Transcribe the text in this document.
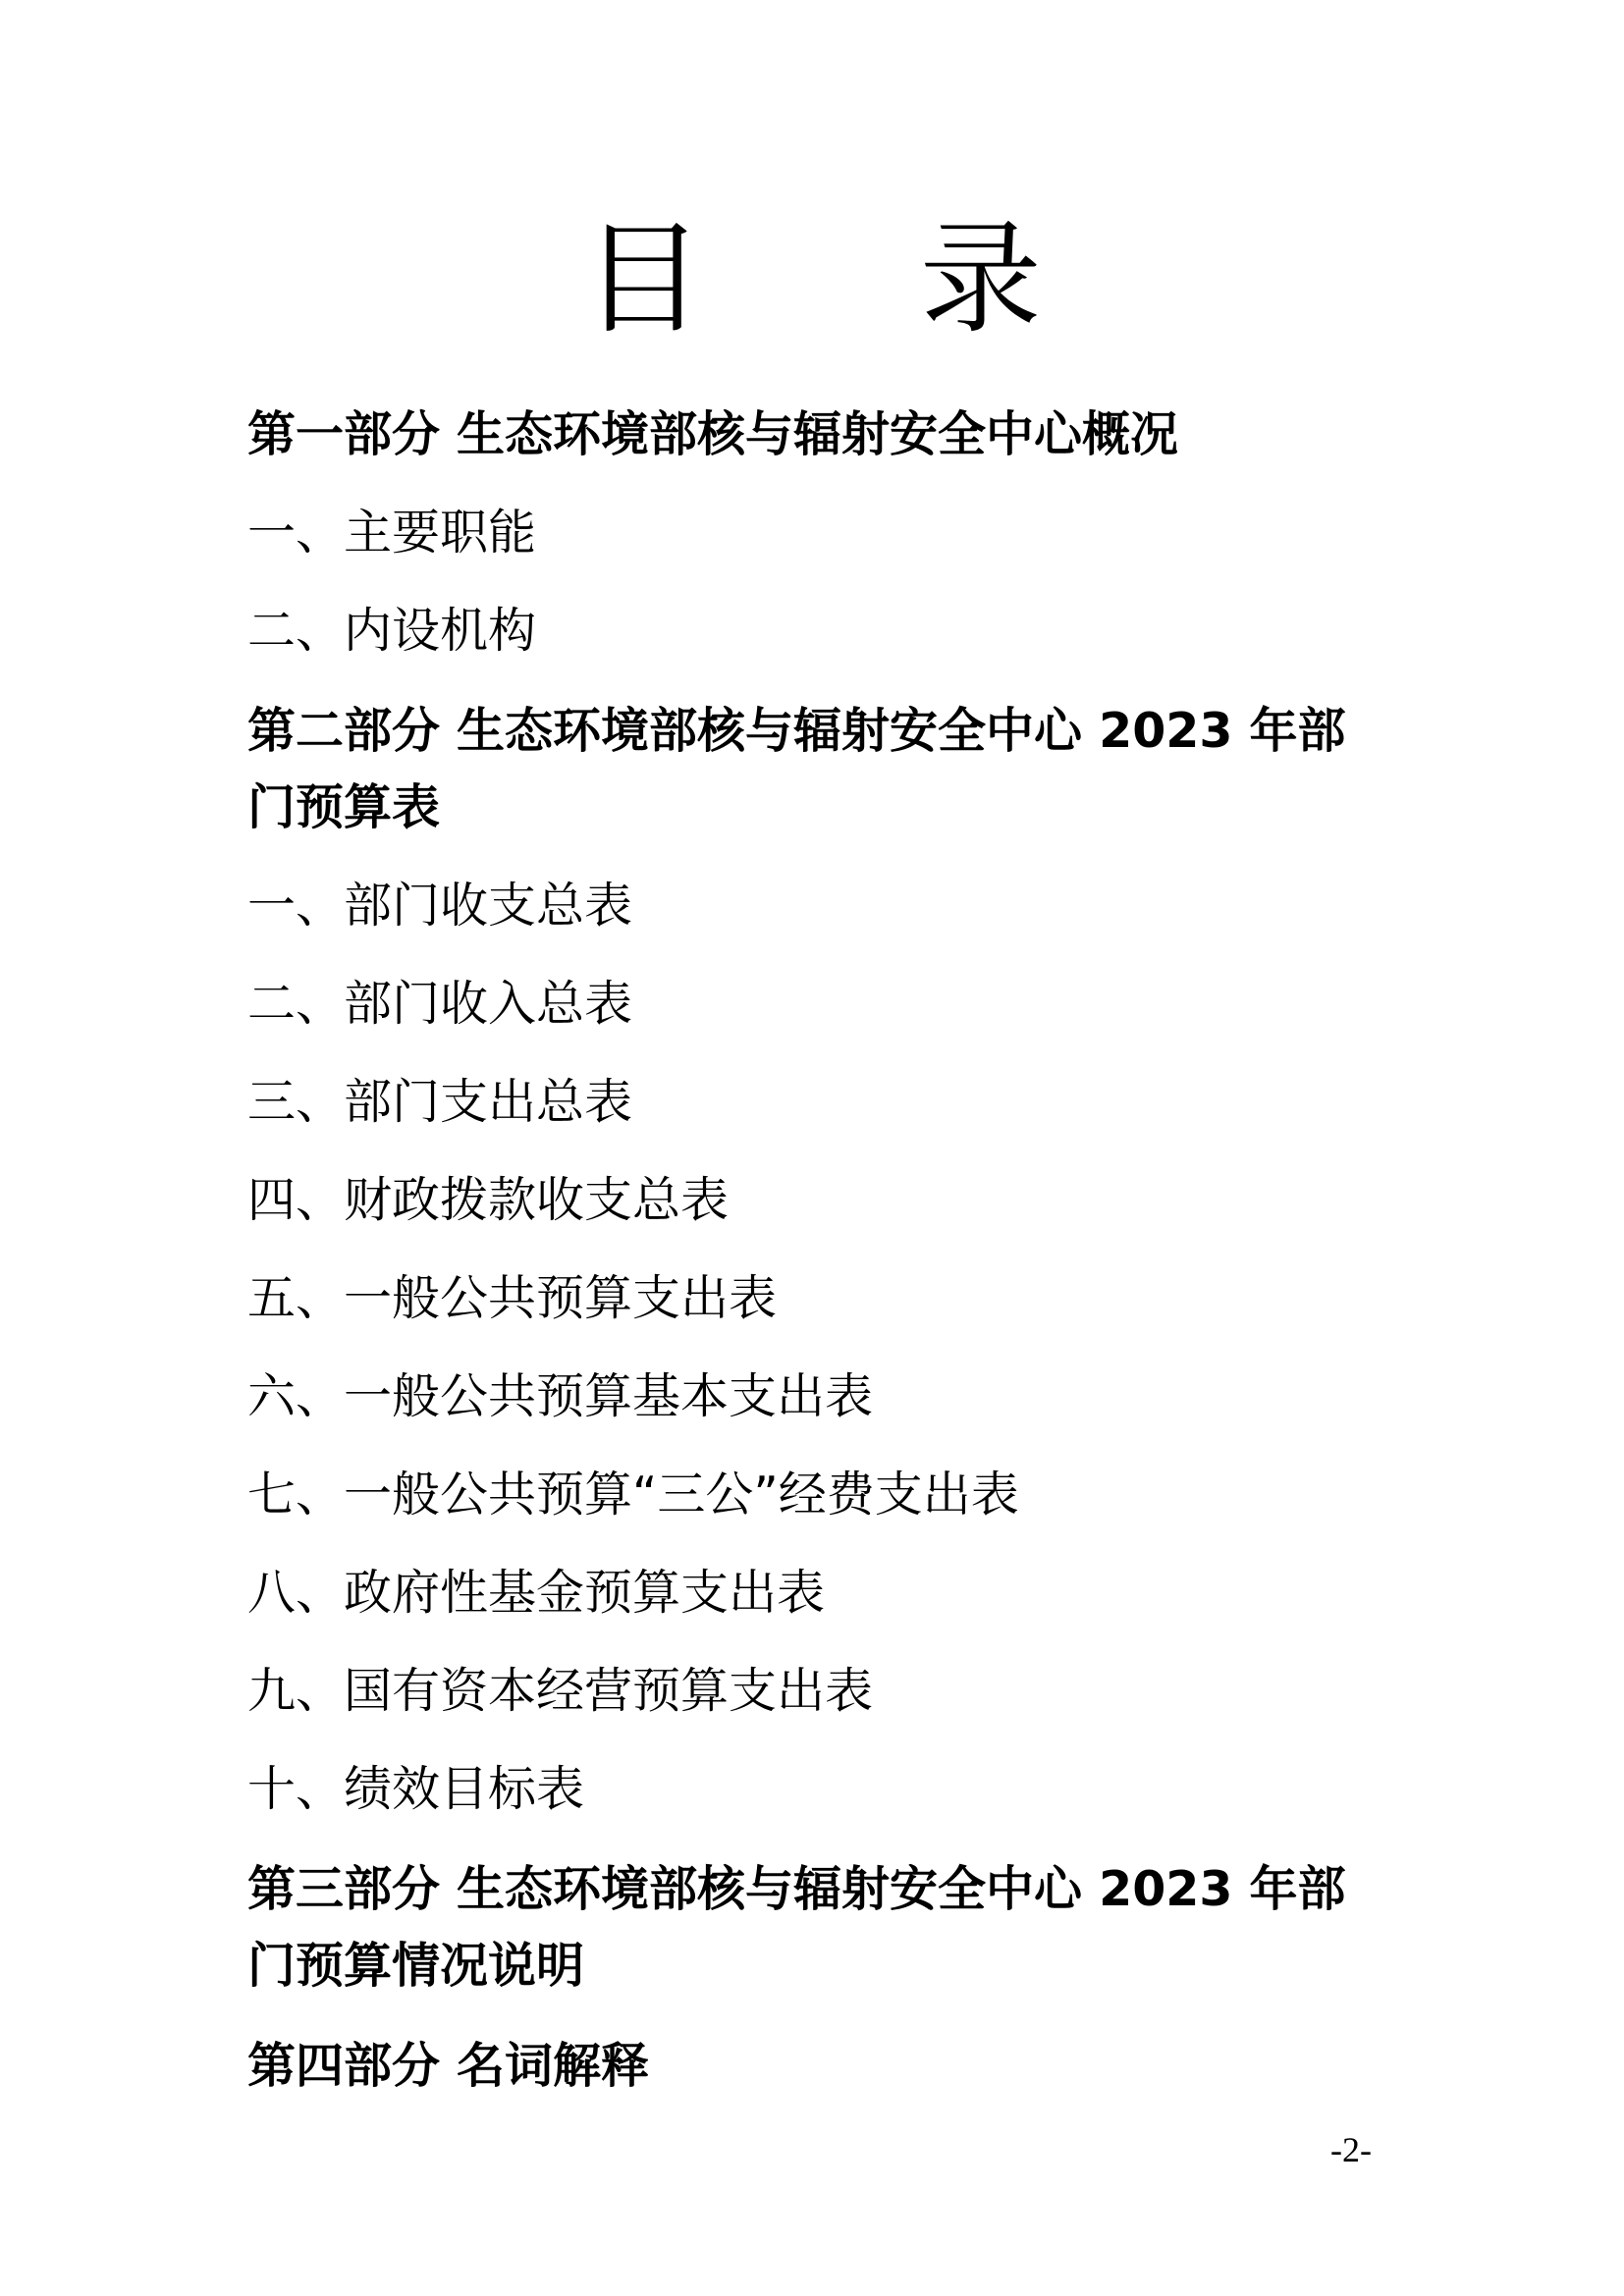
目 录
第一部分 生态环境部核与辐射安全中心概况
一、主要职能
二、内设机构
第二部分 生态环境部核与辐射安全中心 2023 年部
门预算表
一、部门收支总表
二、部门收入总表
三、部门支出总表
四、财政拨款收支总表
五、一般公共预算支出表
六、一般公共预算基本支出表
七、一般公共预算“三公”经费支出表
八、政府性基金预算支出表
九、国有资本经营预算支出表
十、绩效目标表
第三部分 生态环境部核与辐射安全中心 2023 年部
门预算情况说明
第四部分 名词解释
-2-
